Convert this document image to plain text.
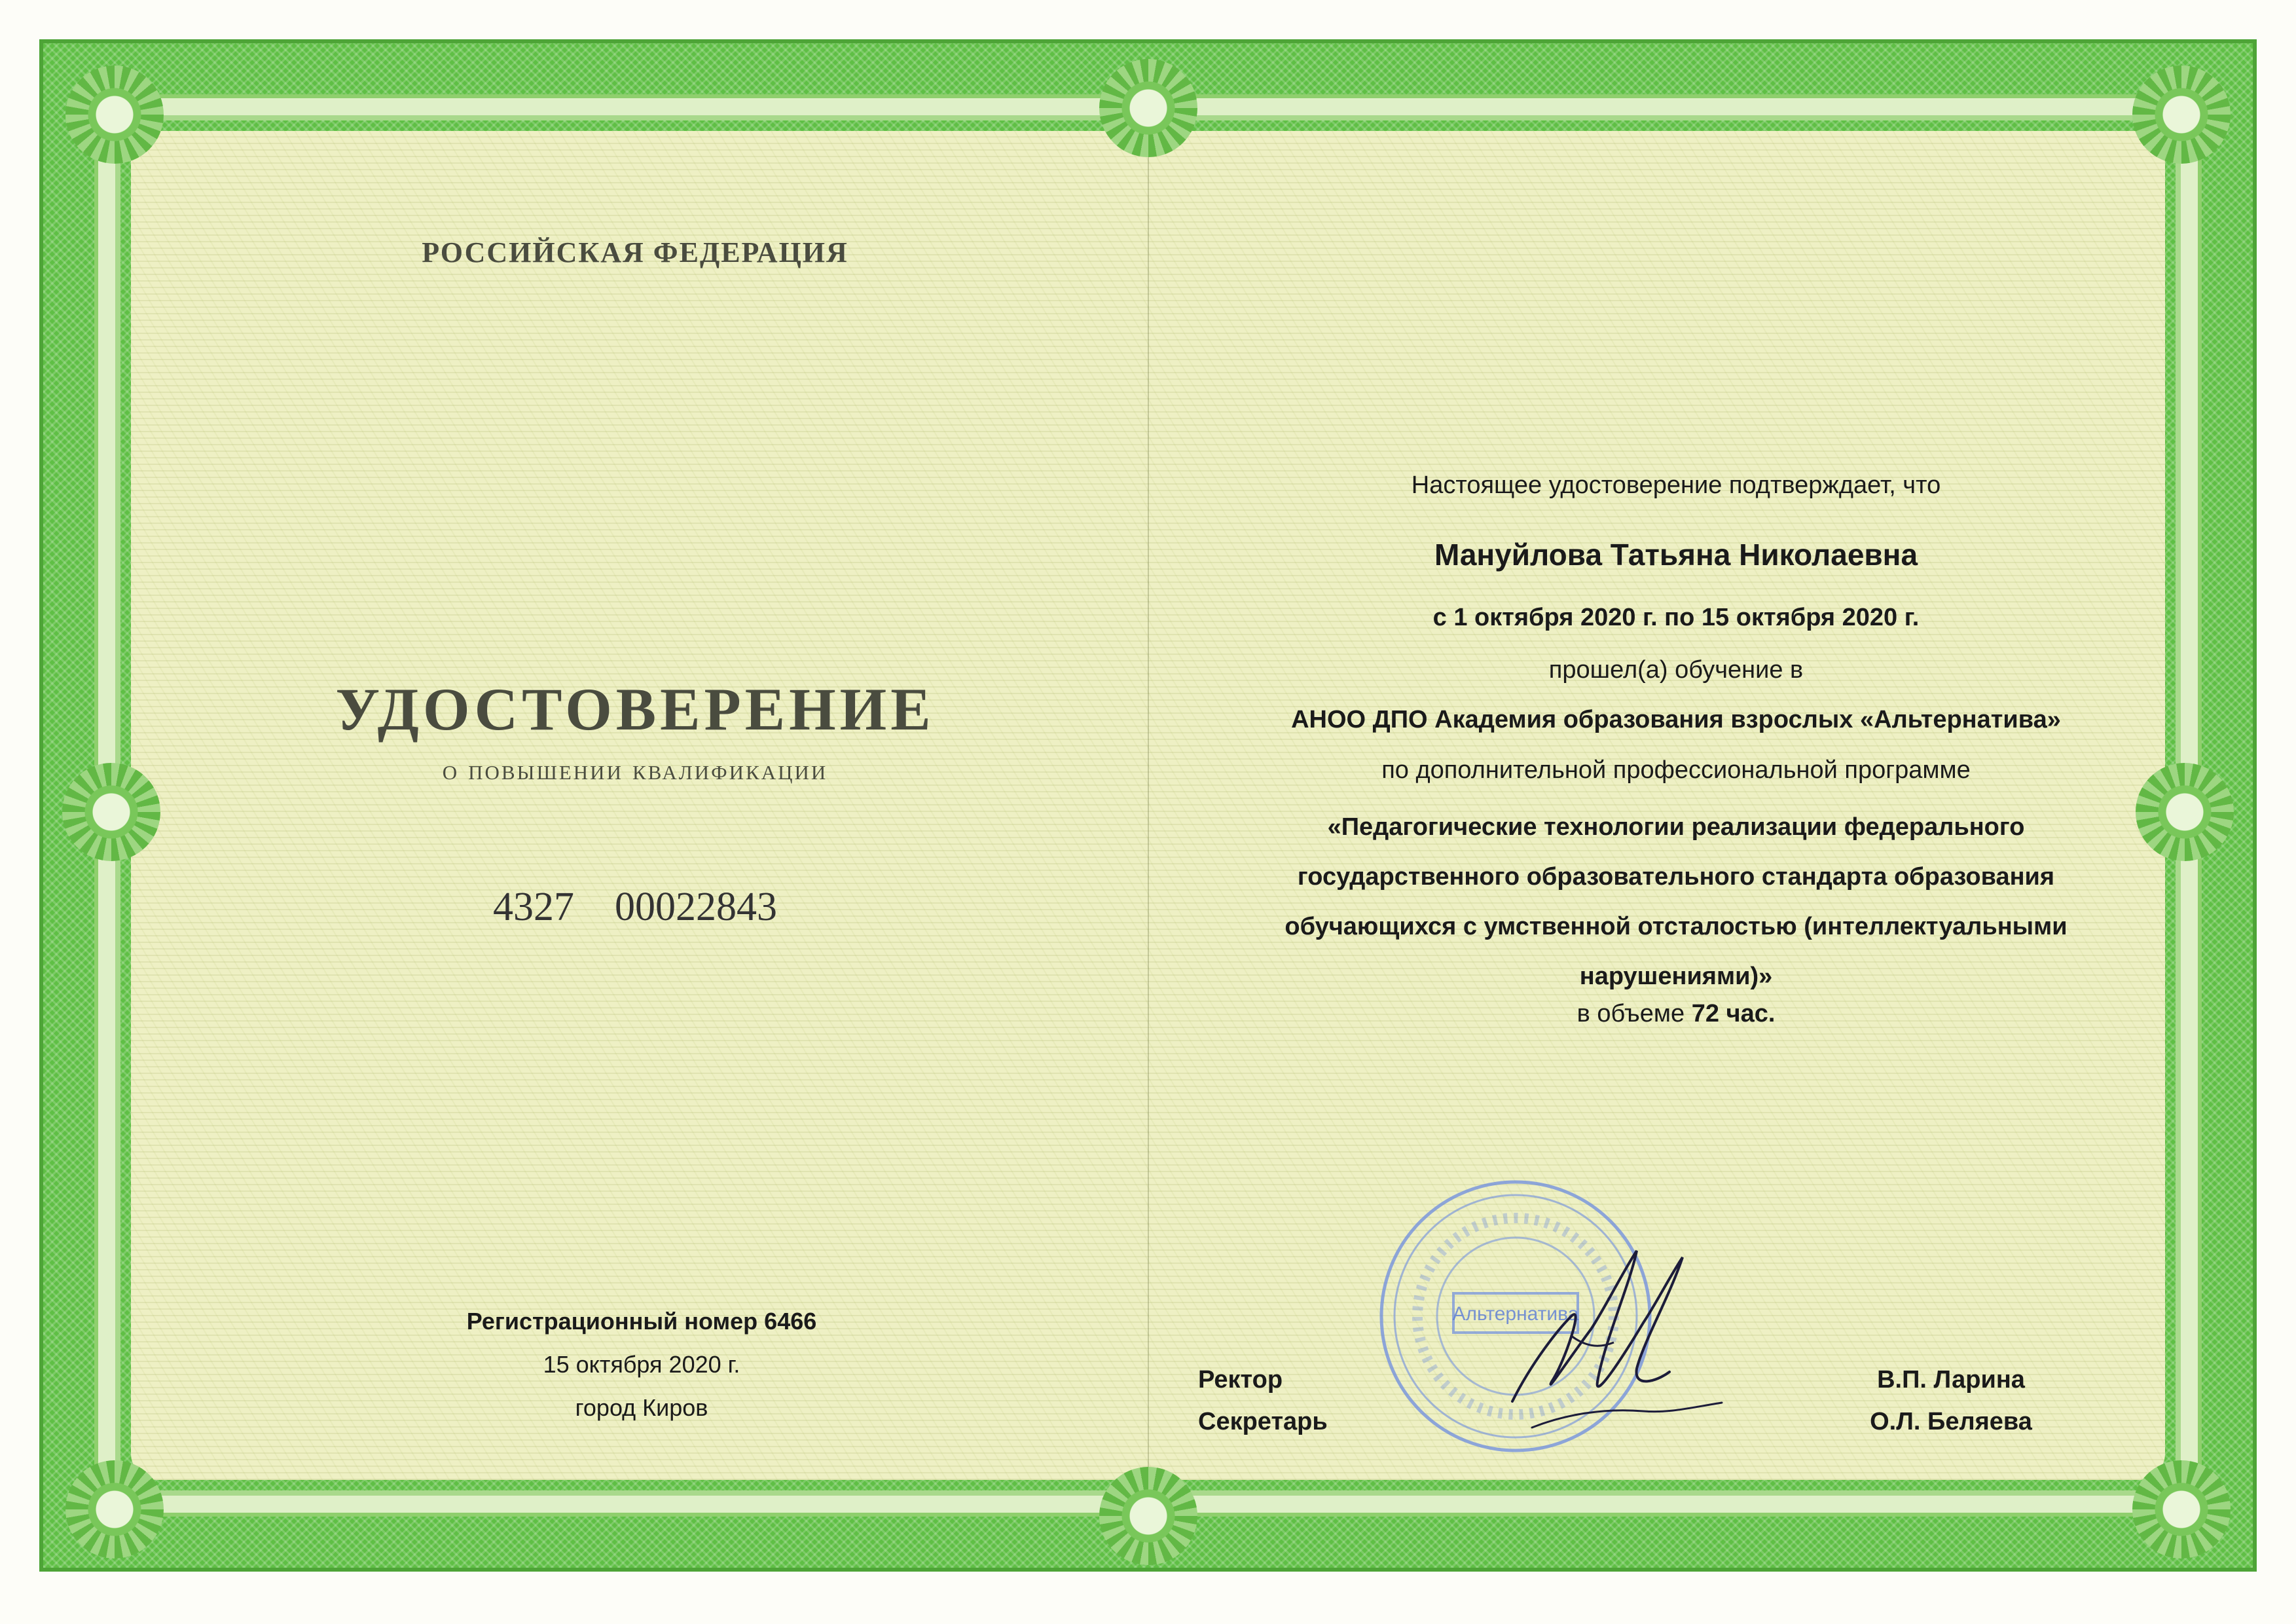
РОССИЙСКАЯ ФЕДЕРАЦИЯ
УДОСТОВЕРЕНИЕ
о повышении квалификации
4327 00022843
Регистрационный номер 6466
15 октября 2020 г.
город Киров
Настоящее удостоверение подтверждает, что
Мануйлова Татьяна Николаевна
с 1 октября 2020 г. по 15 октября 2020 г.
прошел(а) обучение в
АНОО ДПО Академия образования взрослых «Альтернатива»
по дополнительной профессиональной программе
«Педагогические технологии реализации федерального
государственного образовательного стандарта образования
обучающихся с умственной отсталостью (интеллектуальными
нарушениями)»
в объеме 72 час.
Альтернатива
Ректор
Секретарь
В.П. Ларина
О.Л. Беляева
